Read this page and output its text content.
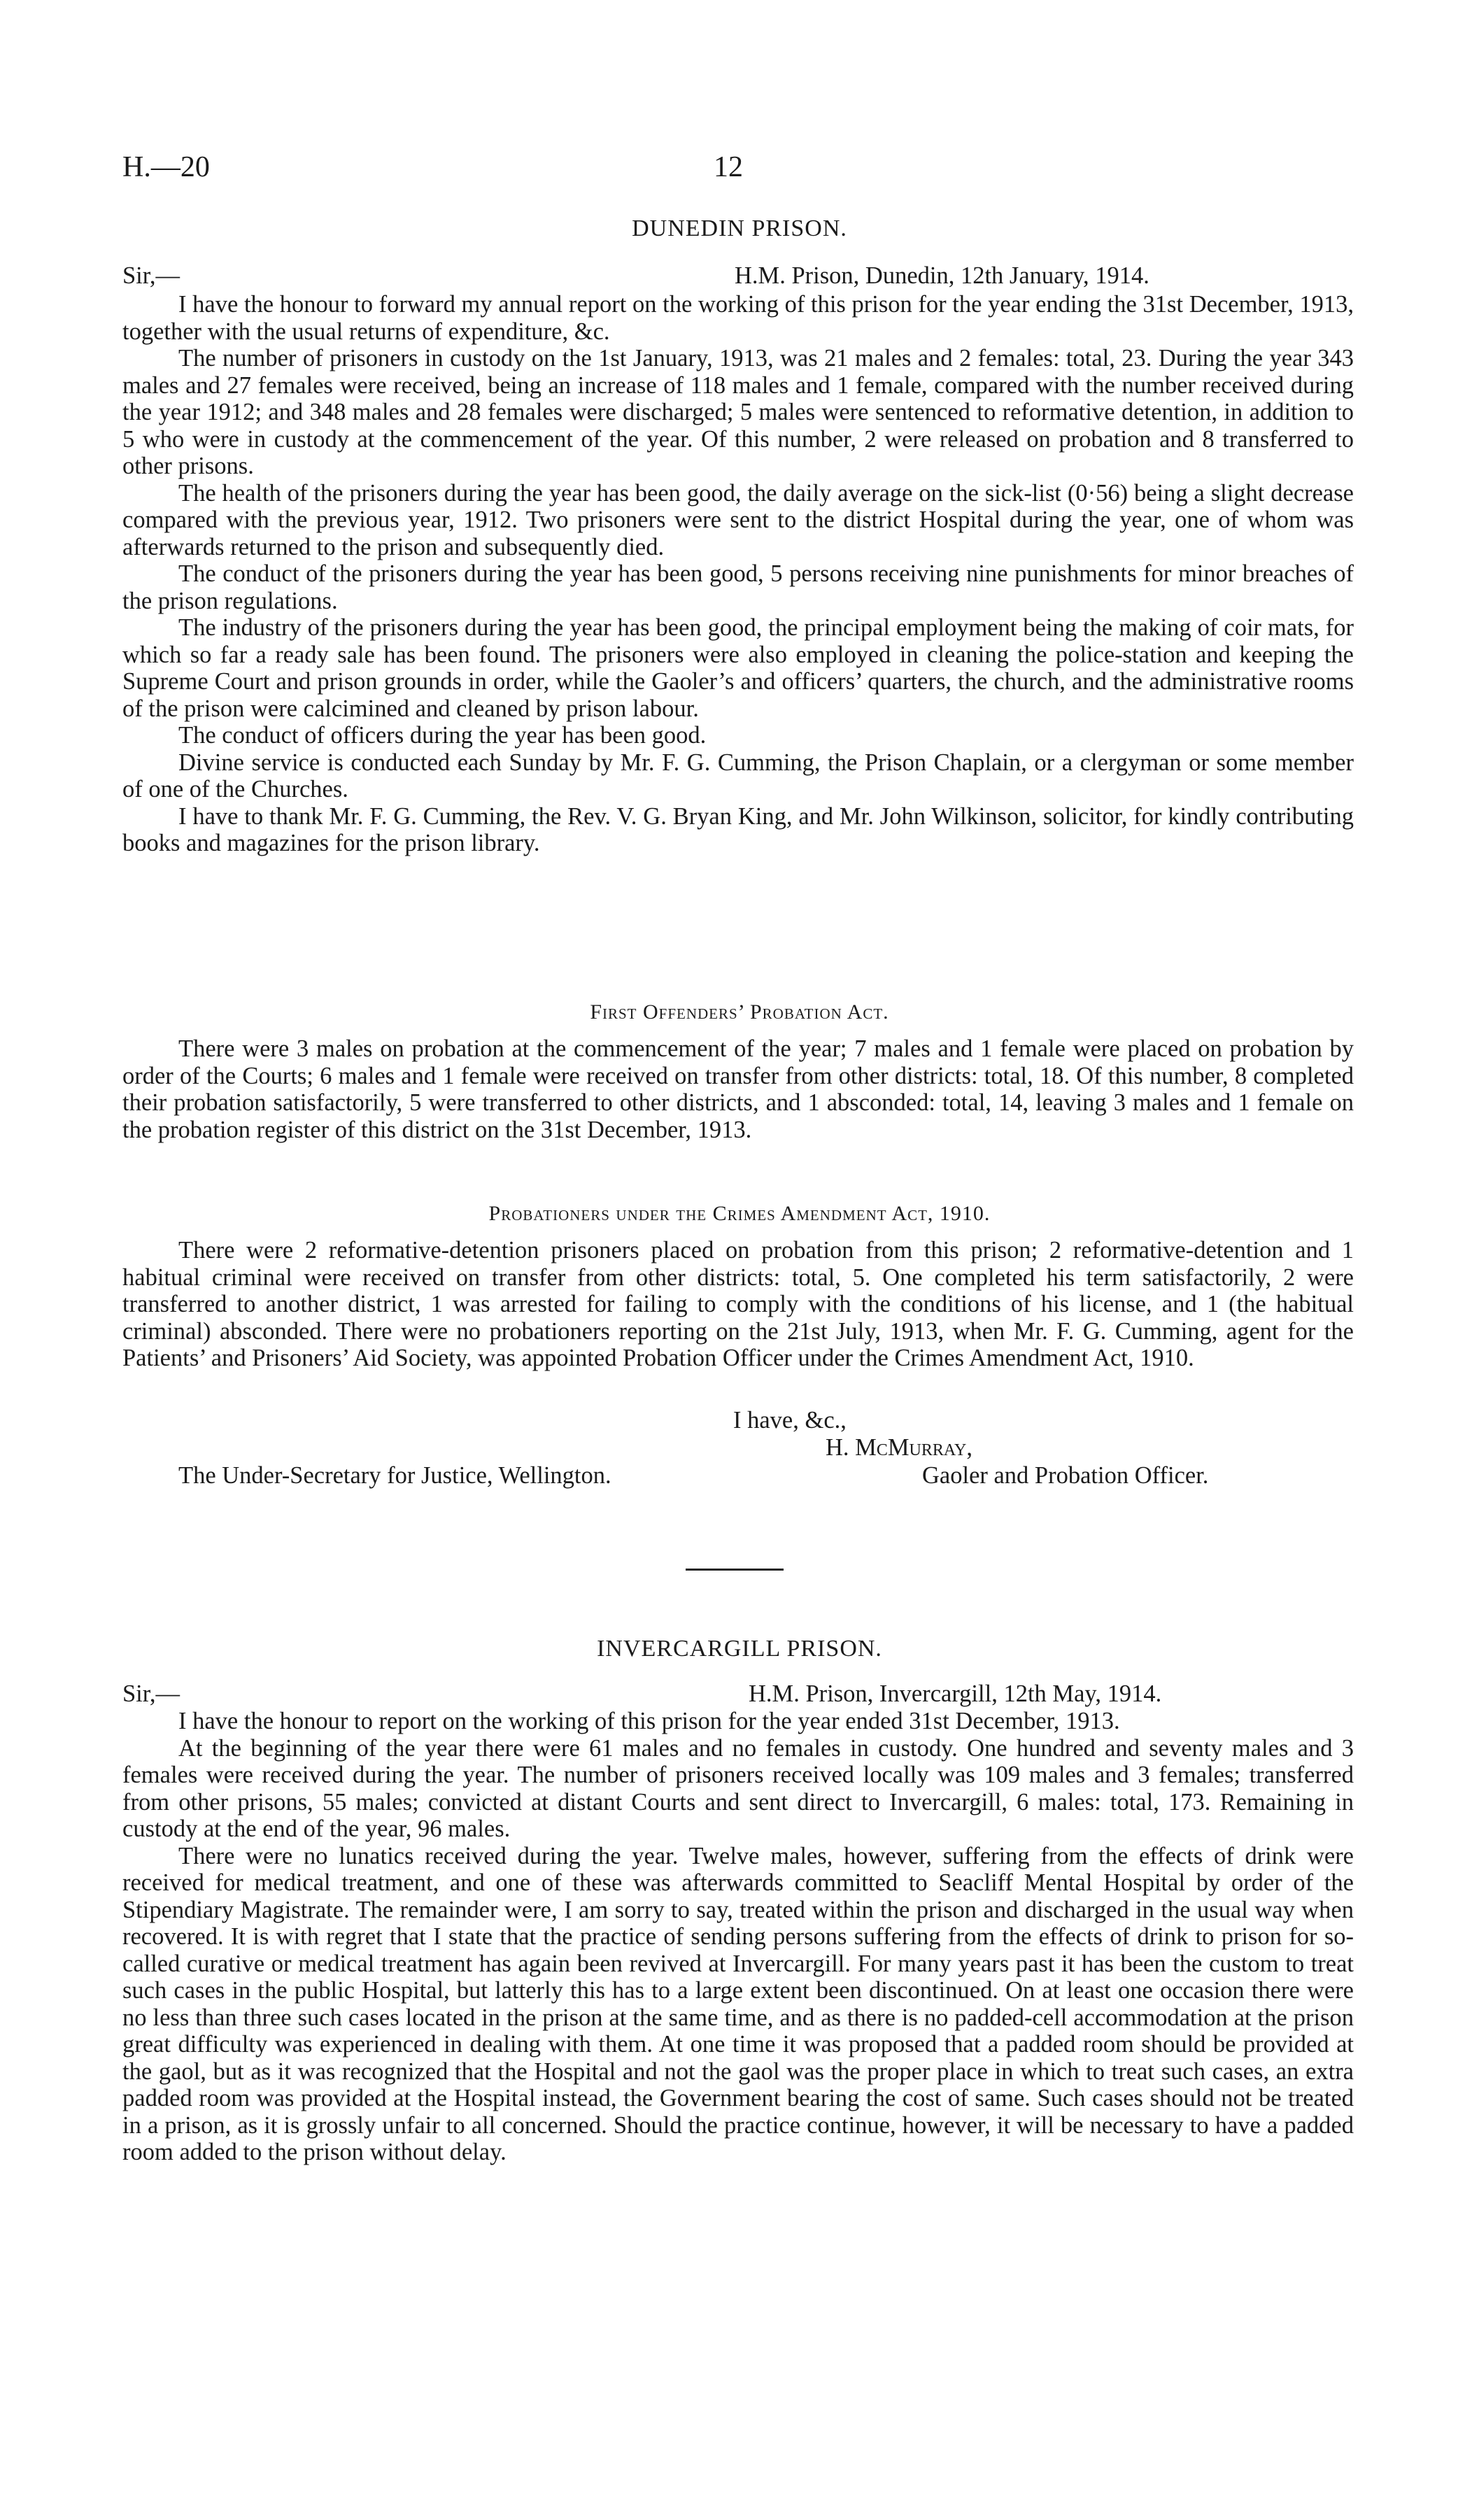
H.—20	12
DUNEDIN PRISON.
Sir,—	H.M. Prison, Dunedin, 12th January, 1914.

I have the honour to forward my annual report on the working of this prison for the year ending the 31st December, 1913, together with the usual returns of expenditure, &c.

The number of prisoners in custody on the 1st January, 1913, was 21 males and 2 females: total, 23. During the year 343 males and 27 females were received, being an increase of 118 males and 1 female, compared with the number received during the year 1912; and 348 males and 28 females were discharged; 5 males were sentenced to reformative detention, in addition to 5 who were in custody at the commencement of the year. Of this number, 2 were released on probation and 8 transferred to other prisons.

The health of the prisoners during the year has been good, the daily average on the sick-list (0·56) being a slight decrease compared with the previous year, 1912. Two prisoners were sent to the district Hospital during the year, one of whom was afterwards returned to the prison and subsequently died.

The conduct of the prisoners during the year has been good, 5 persons receiving nine punishments for minor breaches of the prison regulations.

The industry of the prisoners during the year has been good, the principal employment being the making of coir mats, for which so far a ready sale has been found. The prisoners were also employed in cleaning the police-station and keeping the Supreme Court and prison grounds in order, while the Gaoler’s and officers’ quarters, the church, and the administrative rooms of the prison were calcimined and cleaned by prison labour.

The conduct of officers during the year has been good.

Divine service is conducted each Sunday by Mr. F. G. Cumming, the Prison Chaplain, or a clergyman or some member of one of the Churches.

I have to thank Mr. F. G. Cumming, the Rev. V. G. Bryan King, and Mr. John Wilkinson, solicitor, for kindly contributing books and magazines for the prison library.

First Offenders’ Probation Act.

There were 3 males on probation at the commencement of the year; 7 males and 1 female were placed on probation by order of the Courts; 6 males and 1 female were received on transfer from other districts: total, 18. Of this number, 8 completed their probation satisfactorily, 5 were transferred to other districts, and 1 absconded: total, 14, leaving 3 males and 1 female on the probation register of this district on the 31st December, 1913.

Probationers under the Crimes Amendment Act, 1910.

There were 2 reformative-detention prisoners placed on probation from this prison; 2 reformative-detention and 1 habitual criminal were received on transfer from other districts: total, 5. One completed his term satisfactorily, 2 were transferred to another district, 1 was arrested for failing to comply with the conditions of his license, and 1 (the habitual criminal) absconded. There were no probationers reporting on the 21st July, 1913, when Mr. F. G. Cumming, agent for the Patients’ and Prisoners’ Aid Society, was appointed Probation Officer under the Crimes Amendment Act, 1910.

I have, &c.,
H. McMurray,
The Under-Secretary for Justice, Wellington.	Gaoler and Probation Officer.
INVERCARGILL PRISON.
Sir,—	H.M. Prison, Invercargill, 12th May, 1914.

I have the honour to report on the working of this prison for the year ended 31st December, 1913.

At the beginning of the year there were 61 males and no females in custody. One hundred and seventy males and 3 females were received during the year. The number of prisoners received locally was 109 males and 3 females; transferred from other prisons, 55 males; convicted at distant Courts and sent direct to Invercargill, 6 males: total, 173. Remaining in custody at the end of the year, 96 males.

There were no lunatics received during the year. Twelve males, however, suffering from the effects of drink were received for medical treatment, and one of these was afterwards committed to Seacliff Mental Hospital by order of the Stipendiary Magistrate. The remainder were, I am sorry to say, treated within the prison and discharged in the usual way when recovered. It is with regret that I state that the practice of sending persons suffering from the effects of drink to prison for so-called curative or medical treatment has again been revived at Invercargill. For many years past it has been the custom to treat such cases in the public Hospital, but latterly this has to a large extent been discontinued. On at least one occasion there were no less than three such cases located in the prison at the same time, and as there is no padded-cell accommodation at the prison great difficulty was experienced in dealing with them. At one time it was proposed that a padded room should be provided at the gaol, but as it was recognized that the Hospital and not the gaol was the proper place in which to treat such cases, an extra padded room was provided at the Hospital instead, the Government bearing the cost of same. Such cases should not be treated in a prison, as it is grossly unfair to all concerned. Should the practice continue, however, it will be necessary to have a padded room added to the prison without delay.
